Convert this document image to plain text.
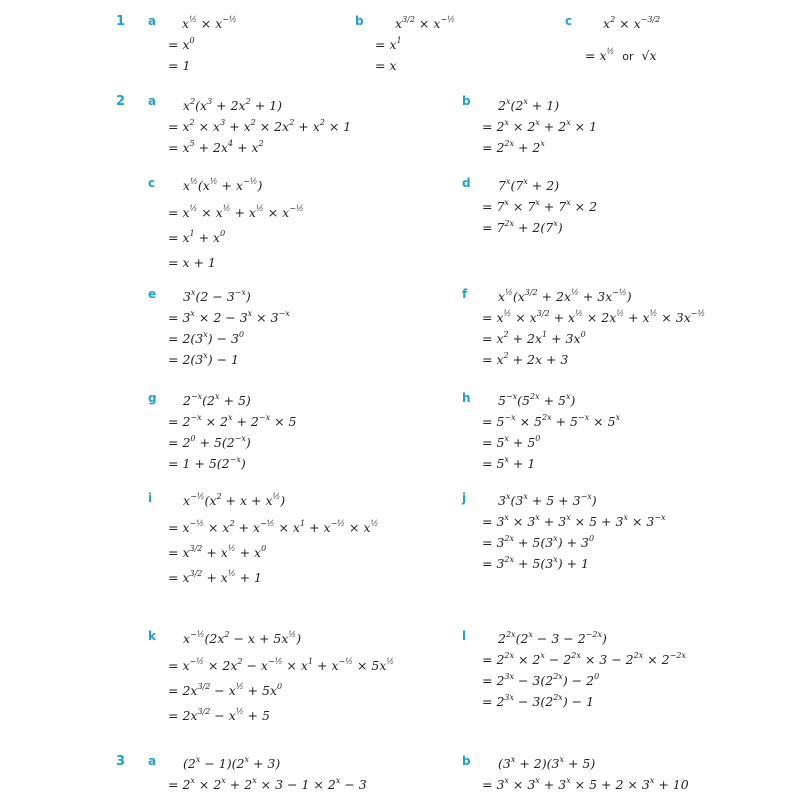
1 a $x^{\frac{1}{2}} \times x^{-\frac{1}{2}}$
= $x^0$
= 1
b	$x^{3/2} \times x^{-\frac{1}{2}}$
= $x^1$
= x
c $x^2 \times x^{-3/2}$
= $x^{\frac{1}{2}}$ or √x
2 a $x^2(x^3 + 2x^2 + 1)$
= $x^2 \times x^3 + x^2 \times 2x^2 + x^2 \times 1$
= $x^5 + 2x^4 + x^2$
b $2^x(2^x + 1)$
= $2^x \times 2^x + 2^x \times 1$
= $2^{2x} + 2^x$
c $x^{\frac{1}{2}}(x^{\frac{1}{2}} + x^{-\frac{1}{2}})$
= $x^{\frac{1}{2}} \times x^{\frac{1}{2}} + x^{\frac{1}{2}} \times x^{-\frac{1}{2}}$
= $x^1 + x^0$
= x + 1
d $7^x(7^x + 2)$
= $7^x \times 7^x + 7^x \times 2$
= $7^{2x} + 2(7^x)$
e $3^x(2 - 3^{-x})$
= $3^x \times 2 - 3^x \times 3^{-x}$
= $2(3^x) - 3^0$
= $2(3^x) - 1$
f $x^{\frac{1}{2}}(x^{3/2} + 2x^{\frac{1}{2}} + 3x^{-\frac{1}{2}})$
= $x^{\frac{1}{2}} \times x^{3/2} + x^{\frac{1}{2}} \times 2x^{\frac{1}{2}} + x^{\frac{1}{2}} \times 3x^{-\frac{1}{2}}$
= $x^2 + 2x^1 + 3x^0$
= $x^2 + 2x + 3$
g $2^{-x}(2^x + 5)$
= $2^{-x} \times 2^x + 2^{-x} \times 5$
= $2^0 + 5(2^{-x})$
= $1 + 5(2^{-x})$
h $5^{-x}(5^{2x} + 5^x)$
= $5^{-x} \times 5^{2x} + 5^{-x} \times 5^x$
= $5^x + 5^0$
= $5^x + 1$
i $x^{-\frac{1}{2}}(x^2 + x + x^{\frac{1}{2}})$
= $x^{-\frac{1}{2}} \times x^2 + x^{-\frac{1}{2}} \times x^1 + x^{-\frac{1}{2}} \times x^{\frac{1}{2}}$
= $x^{3/2} + x^{\frac{1}{2}} + x^0$
= $x^{3/2} + x^{\frac{1}{2}} + 1$
j	$3^x(3^x + 5 + 3^{-x})$
= $3^x \times 3^x + 3^x \times 5 + 3^x \times 3^{-x}$
= $3^{2x} + 5(3^x) + 3^0$
= $3^{2x} + 5(3^x) + 1$
k $x^{-\frac{1}{2}}(2x^2 - x + 5x^{\frac{1}{2}})$
= $x^{-\frac{1}{2}} \times 2x^2 - x^{-\frac{1}{2}} \times x^1 + x^{-\frac{1}{2}} \times 5x^{\frac{1}{2}}$
= $2x^{3/2} - x^{\frac{1}{2}} + 5x^0$
= $2x^{3/2} - x^{\frac{1}{2}} + 5$
l	$2^{2x}(2^x - 3 - 2^{-2x})$
= $2^{2x} \times 2^x - 2^{2x} \times 3 - 2^{2x} \times 2^{-2x}$
= $2^{3x} - 3(2^{2x}) - 2^0$
= $2^{3x} - 3(2^{2x}) - 1$
3 a $(2^x - 1)(2^x + 3)$
= $2^x \times 2^x + 2^x \times 3 - 1 \times 2^x - 3$
b $(3^x + 2)(3^x + 5)$
= $3^x \times 3^x + 3^x \times 5 + 2 \times 3^x + 10$
